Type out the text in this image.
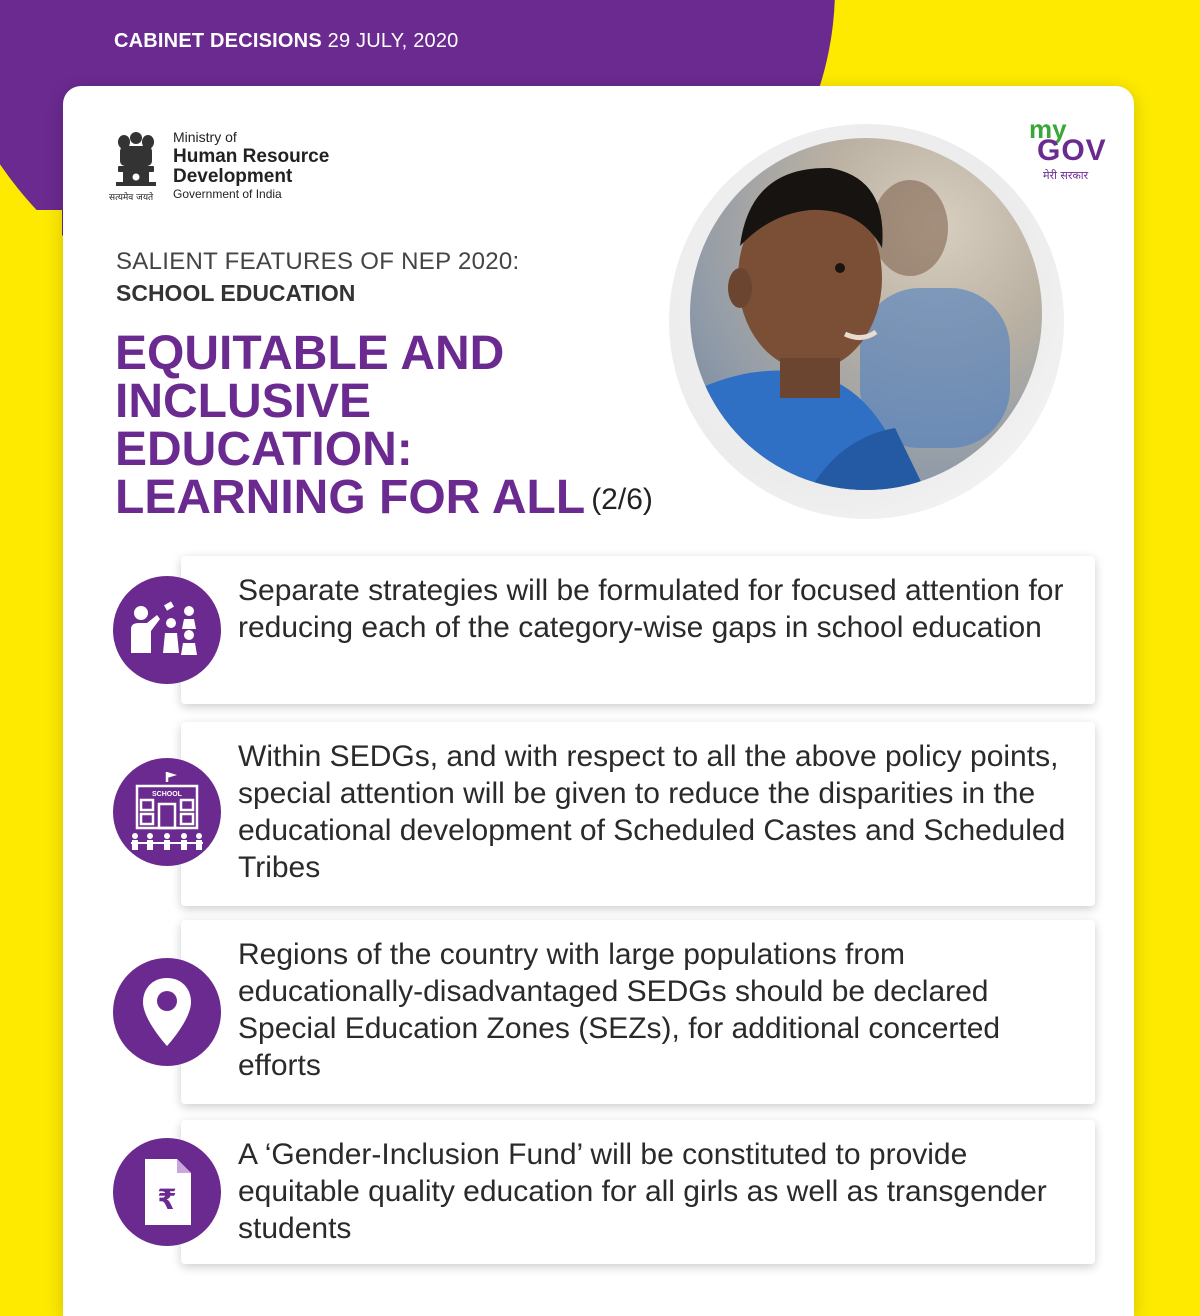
CABINET DECISIONS 29 JULY, 2020
सत्यमेव जयते
Ministry of
Human Resource
Development
Government of India
my
GOV
मेरी सरकार
SALIENT FEATURES OF NEP 2020:
SCHOOL EDUCATION
EQUITABLE AND
INCLUSIVE
EDUCATION:
LEARNING FOR ALL (2/6)
Separate strategies will be formulated for focused attention for reducing each of the category-wise gaps in school education
SCHOOL
Within SEDGs, and with respect to all the above policy points, special attention will be given to reduce the disparities in the educational development of Scheduled Castes and Scheduled Tribes
Regions of the country with large populations from educationally-disadvantaged SEDGs should be declared Special Education Zones (SEZs), for additional concerted efforts
₹
A ‘Gender-Inclusion Fund’ will be constituted to provide equitable quality education for all girls as well as transgender students
